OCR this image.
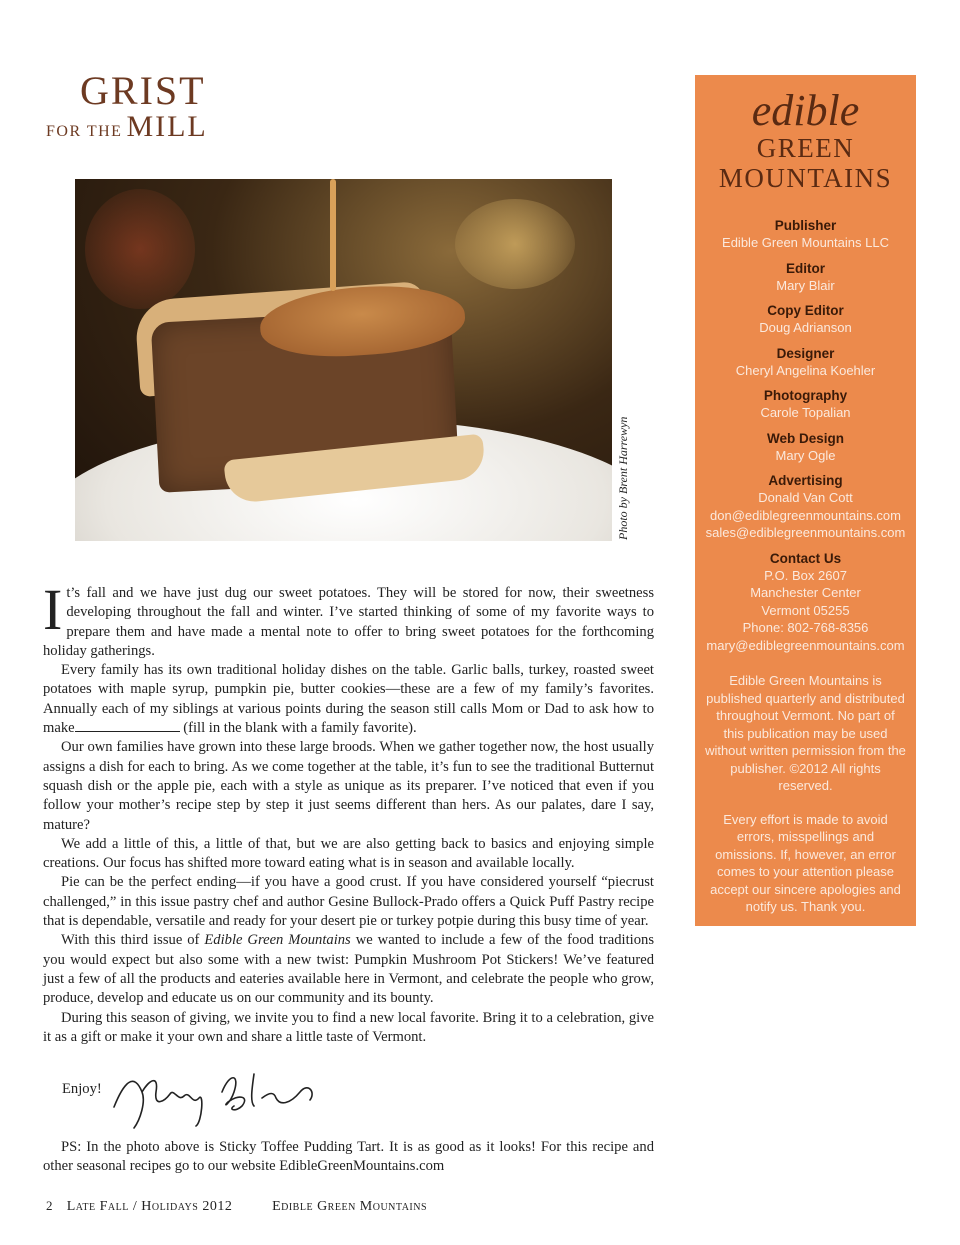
GRIST
FOR THE MILL
Photo by Brent Harrewyn

It’s fall and we have just dug our sweet potatoes. They will be stored for now, their sweetness developing throughout the fall and winter. I’ve started thinking of some of my favorite ways to prepare them and have made a mental note to offer to bring sweet potatoes for the forthcoming holiday gatherings.

Every family has its own traditional holiday dishes on the table. Garlic balls, turkey, roasted sweet potatoes with maple syrup, pumpkin pie, butter cookies—these are a few of my family’s favorites. Annually each of my siblings at various points during the season still calls Mom or Dad to ask how to make	(fill in the blank with a family favorite).

Our own families have grown into these large broods. When we gather together now, the host usually assigns a dish for each to bring. As we come together at the table, it’s fun to see the traditional Butternut squash dish or the apple pie, each with a style as unique as its preparer. I’ve noticed that even if you follow your mother’s recipe step by step it just seems different than hers. As our palates, dare I say, mature?

We add a little of this, a little of that, but we are also getting back to basics and enjoying simple creations. Our focus has shifted more toward eating what is in season and available locally.

Pie can be the perfect ending—if you have a good crust. If you have considered yourself “piecrust challenged,” in this issue pastry chef and author Gesine Bullock-Prado offers a Quick Puff Pastry recipe that is dependable, versatile and ready for your desert pie or turkey potpie during this busy time of year.

With this third issue of Edible Green Mountains we wanted to include a few of the food traditions you would expect but also some with a new twist: Pumpkin Mushroom Pot Stickers! We’ve featured just a few of all the products and eateries available here in Vermont, and celebrate the people who grow, produce, develop and educate us on our community and its bounty.

During this season of giving, we invite you to find a new local favorite. Bring it to a celebration, give it as a gift or make it your own and share a little taste of Vermont.

Enjoy!

PS: In the photo above is Sticky Toffee Pudding Tart. It is as good as it looks! For this recipe and other seasonal recipes go to our website EdibleGreenMountains.com

2 Late Fall / Holidays 2012	Edible Green Mountains
edible
GREEN
MOUNTAINS
Publisher
Edible Green Mountains LLC
Editor
Mary Blair
Copy Editor
Doug Adrianson
Designer
Cheryl Angelina Koehler
Photography
Carole Topalian
Web Design
Mary Ogle
Advertising
Donald Van Cott
don@ediblegreenmountains.com
sales@ediblegreenmountains.com
Contact Us
P.O. Box 2607
Manchester Center
Vermont 05255
Phone: 802-768-8356
mary@ediblegreenmountains.com
Edible Green Mountains is published quarterly and distributed throughout Vermont. No part of this publication may be used without written permission from the publisher. ©2012 All rights reserved.
Every effort is made to avoid errors, misspellings and omissions. If, however, an error comes to your attention please accept our sincere apologies and notify us. Thank you.
